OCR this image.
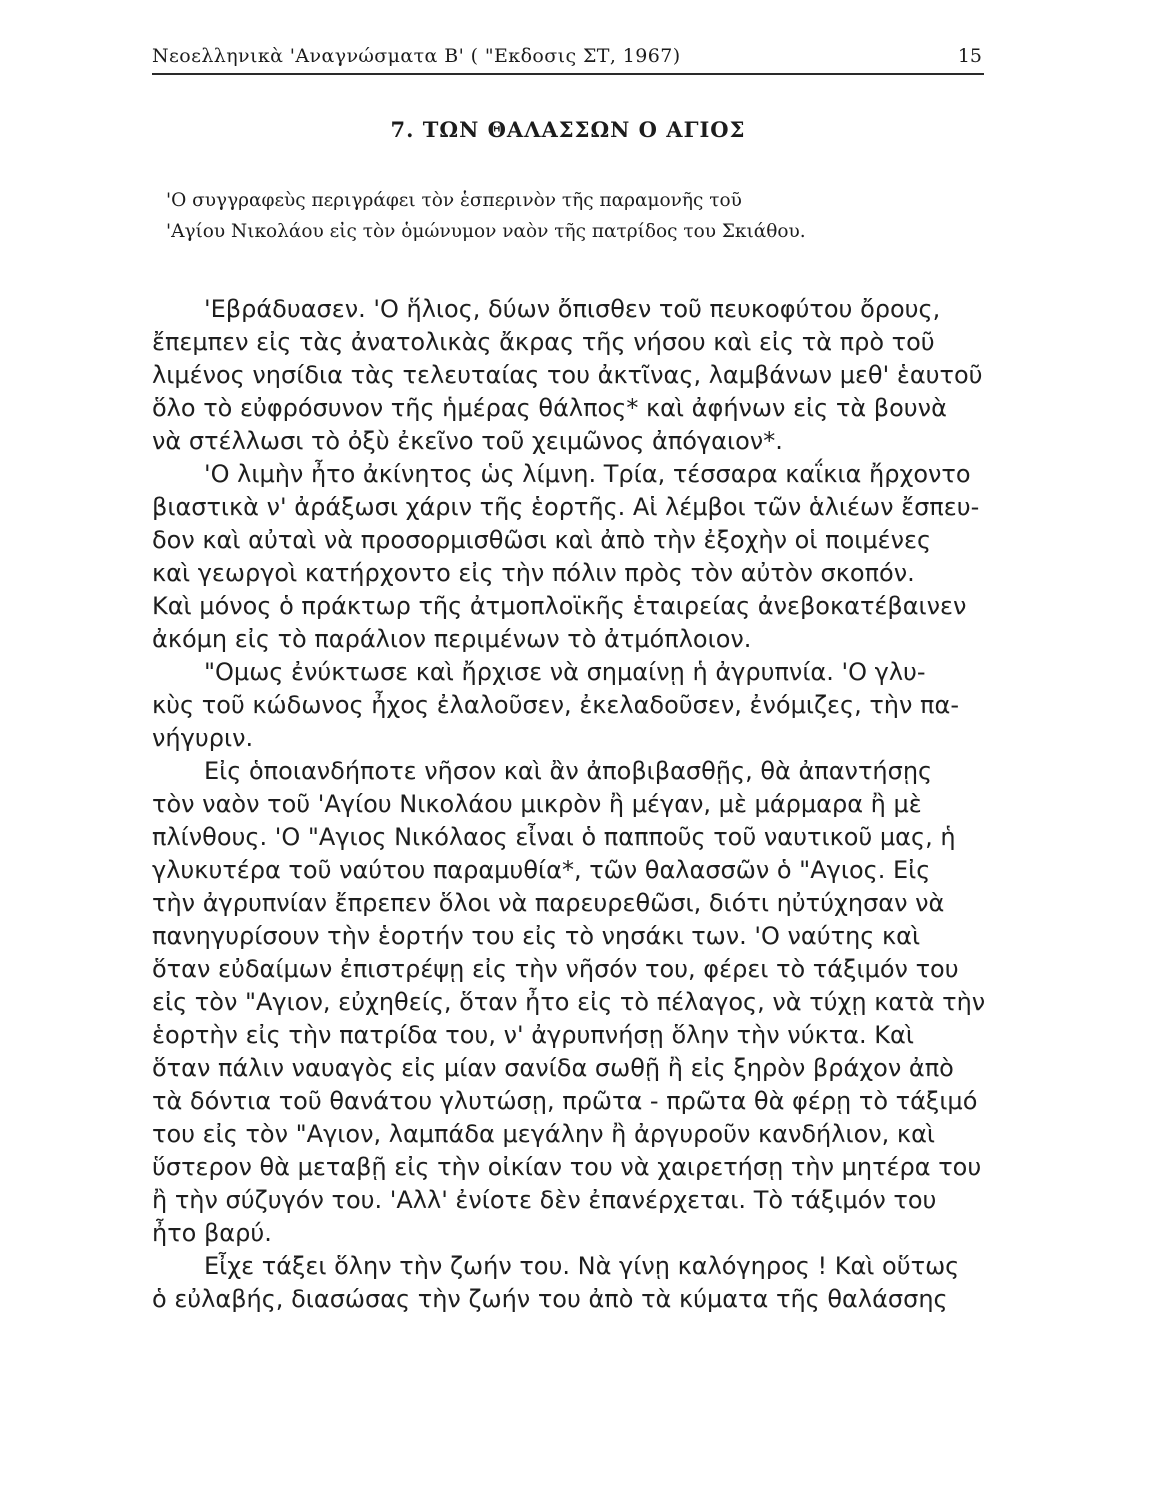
Νεοελληνικὰ 'Αναγνώσματα Β' ( "Εκδοσις ΣΤ, 1967)	15
7. ΤΩΝ ΘΑΛΑΣΣΩΝ Ο ΑΓΙΟΣ
'Ο συγγραφεὺς περιγράφει τὸν ἑσπερινὸν τῆς παραμονῆς τοῦ
'Αγίου Νικολάου εἰς τὸν ὁμώνυμον ναὸν τῆς πατρίδος του Σκιάθου.
'Εβράδυασεν. 'Ο ἥλιος, δύων ὄπισθεν τοῦ πευκοφύτου ὄρους,
ἔπεμπεν εἰς τὰς ἀνατολικὰς ἄκρας τῆς νήσου καὶ εἰς τὰ πρὸ τοῦ
λιμένος νησίδια τὰς τελευταίας του ἀκτῖνας, λαμβάνων μεθ' ἑαυτοῦ
ὅλο τὸ εὐφρόσυνον τῆς ἡμέρας θάλπος* καὶ ἀφήνων εἰς τὰ βουνὰ
νὰ στέλλωσι τὸ ὀξὺ ἐκεῖνο τοῦ χειμῶνος ἀπόγαιον*.
'Ο λιμὴν ἦτο ἀκίνητος ὡς λίμνη. Τρία, τέσσαρα καΐκια ἤρχοντο
βιαστικὰ ν' ἀράξωσι χάριν τῆς ἑορτῆς. Αἱ λέμβοι τῶν ἁλιέων ἔσπευ-
δον καὶ αὐταὶ νὰ προσορμισθῶσι καὶ ἀπὸ τὴν ἐξοχὴν οἱ ποιμένες
καὶ γεωργοὶ κατήρχοντο εἰς τὴν πόλιν πρὸς τὸν αὐτὸν σκοπόν.
Καὶ μόνος ὁ πράκτωρ τῆς ἀτμοπλοϊκῆς ἑταιρείας ἀνεβοκατέβαινεν
ἀκόμη εἰς τὸ παράλιον περιμένων τὸ ἀτμόπλοιον.
"Ομως ἐνύκτωσε καὶ ἤρχισε νὰ σημαίνῃ ἡ ἀγρυπνία. 'Ο γλυ-
κὺς τοῦ κώδωνος ἦχος ἐλαλοῦσεν, ἐκελαδοῦσεν, ἐνόμιζες, τὴν πα-
νήγυριν.
Εἰς ὁποιανδήποτε νῆσον καὶ ἂν ἀποβιβασθῇς, θὰ ἀπαντήσῃς
τὸν ναὸν τοῦ 'Αγίου Νικολάου μικρὸν ἢ μέγαν, μὲ μάρμαρα ἢ μὲ
πλίνθους. 'Ο "Αγιος Νικόλαος εἶναι ὁ παπποῦς τοῦ ναυτικοῦ μας, ἡ
γλυκυτέρα τοῦ ναύτου παραμυθία*, τῶν θαλασσῶν ὁ "Αγιος. Εἰς
τὴν ἀγρυπνίαν ἔπρεπεν ὅλοι νὰ παρευρεθῶσι, διότι ηὐτύχησαν νὰ
πανηγυρίσουν τὴν ἑορτήν του εἰς τὸ νησάκι των. 'Ο ναύτης καὶ
ὅταν εὐδαίμων ἐπιστρέψῃ εἰς τὴν νῆσόν του, φέρει τὸ τάξιμόν του
εἰς τὸν "Αγιον, εὐχηθείς, ὅταν ἦτο εἰς τὸ πέλαγος, νὰ τύχῃ κατὰ τὴν
ἑορτὴν εἰς τὴν πατρίδα του, ν' ἀγρυπνήσῃ ὅλην τὴν νύκτα. Καὶ
ὅταν πάλιν ναυαγὸς εἰς μίαν σανίδα σωθῇ ἢ εἰς ξηρὸν βράχον ἀπὸ
τὰ δόντια τοῦ θανάτου γλυτώσῃ, πρῶτα - πρῶτα θὰ φέρῃ τὸ τάξιμό
του εἰς τὸν "Αγιον, λαμπάδα μεγάλην ἢ ἀργυροῦν κανδήλιον, καὶ
ὕστερον θὰ μεταβῇ εἰς τὴν οἰκίαν του νὰ χαιρετήσῃ τὴν μητέρα του
ἢ τὴν σύζυγόν του. 'Αλλ' ἐνίοτε δὲν ἐπανέρχεται. Τὸ τάξιμόν του
ἦτο βαρύ.
Εἶχε τάξει ὅλην τὴν ζωήν του. Νὰ γίνῃ καλόγηρος ! Καὶ οὕτως
ὁ εὐλαβής, διασώσας τὴν ζωήν του ἀπὸ τὰ κύματα τῆς θαλάσσης
